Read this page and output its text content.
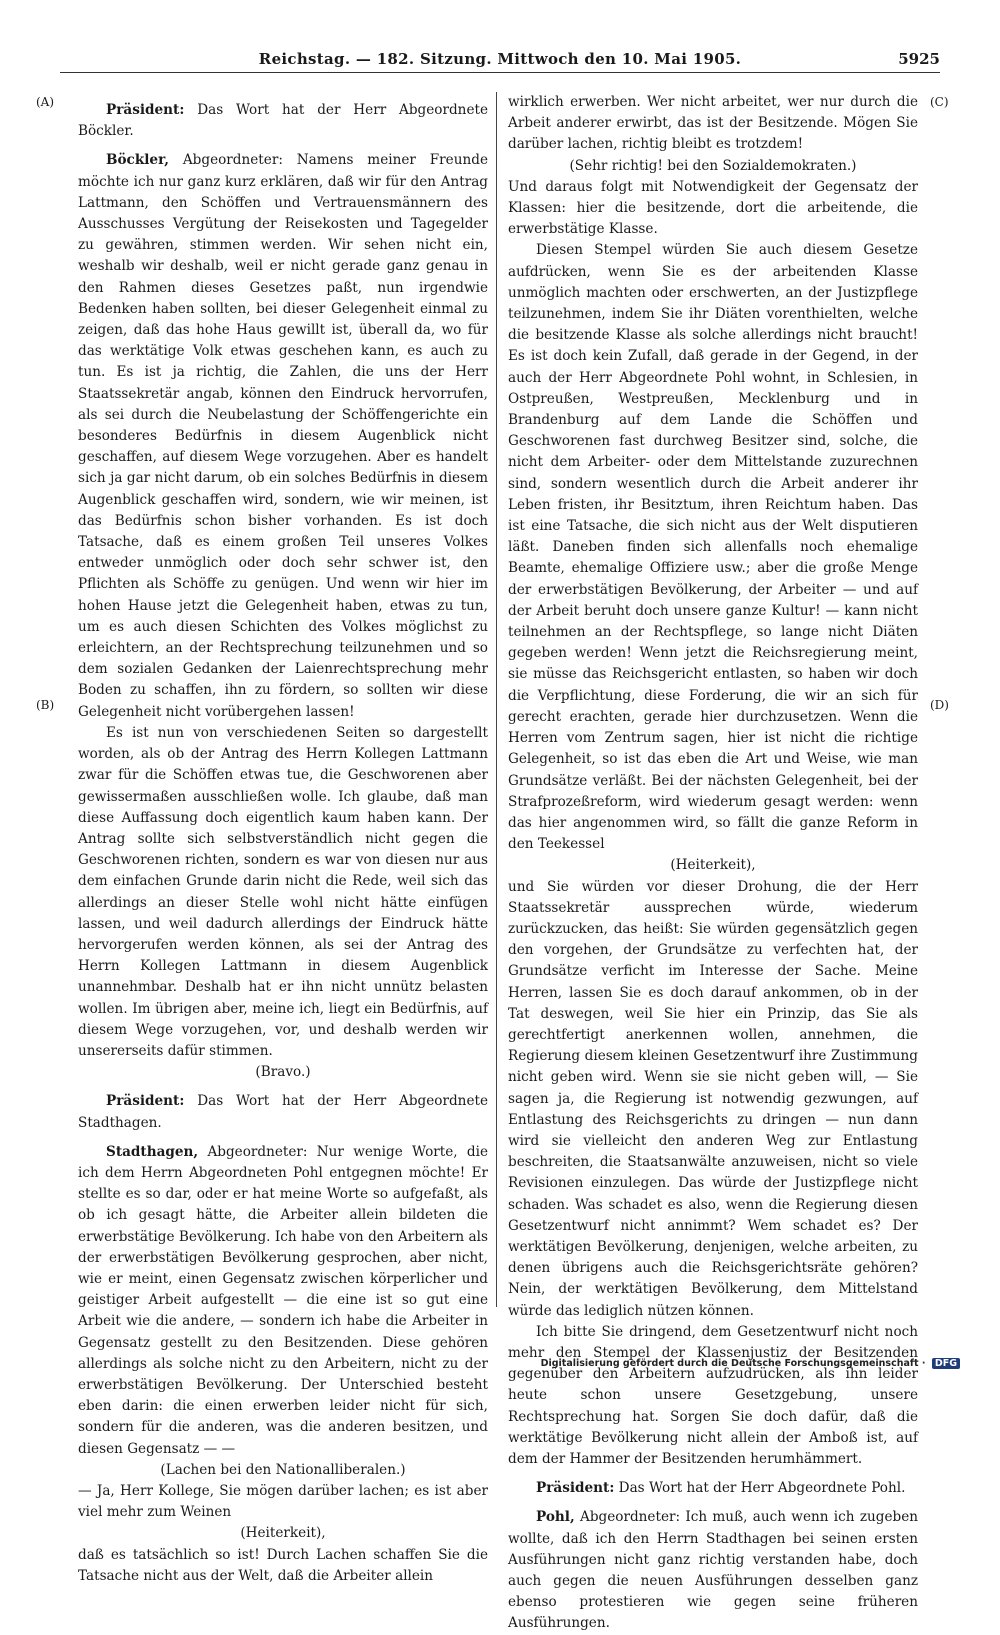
Reichstag. — 182. Sitzung. Mittwoch den 10. Mai 1905.	5925
(A)
(B)
(C)
(D)

Präsident: Das Wort hat der Herr Abgeordnete Böckler.

Böckler, Abgeordneter: Namens meiner Freunde möchte ich nur ganz kurz erklären, daß wir für den Antrag Lattmann, den Schöffen und Vertrauensmännern des Ausschusses Vergütung der Reisekosten und Tagegelder zu gewähren, stimmen werden. Wir sehen nicht ein, weshalb wir deshalb, weil er nicht gerade ganz genau in den Rahmen dieses Gesetzes paßt, nun irgendwie Bedenken haben sollten, bei dieser Gelegenheit einmal zu zeigen, daß das hohe Haus gewillt ist, überall da, wo für das werktätige Volk etwas geschehen kann, es auch zu tun. Es ist ja richtig, die Zahlen, die uns der Herr Staatssekretär angab, können den Eindruck hervorrufen, als sei durch die Neubelastung der Schöffengerichte ein besonderes Bedürfnis in diesem Augenblick nicht geschaffen, auf diesem Wege vorzugehen. Aber es handelt sich ja gar nicht darum, ob ein solches Bedürfnis in diesem Augenblick geschaffen wird, sondern, wie wir meinen, ist das Bedürfnis schon bisher vorhanden. Es ist doch Tatsache, daß es einem großen Teil unseres Volkes entweder unmöglich oder doch sehr schwer ist, den Pflichten als Schöffe zu genügen. Und wenn wir hier im hohen Hause jetzt die Gelegenheit haben, etwas zu tun, um es auch diesen Schichten des Volkes möglichst zu erleichtern, an der Rechtsprechung teilzunehmen und so dem sozialen Gedanken der Laienrechtsprechung mehr Boden zu schaffen, ihn zu fördern, so sollten wir diese Gelegenheit nicht vorübergehen lassen!

Es ist nun von verschiedenen Seiten so dargestellt worden, als ob der Antrag des Herrn Kollegen Lattmann zwar für die Schöffen etwas tue, die Geschworenen aber gewissermaßen ausschließen wolle. Ich glaube, daß man diese Auffassung doch eigentlich kaum haben kann. Der Antrag sollte sich selbstverständlich nicht gegen die Geschworenen richten, sondern es war von diesen nur aus dem einfachen Grunde darin nicht die Rede, weil sich das allerdings an dieser Stelle wohl nicht hätte einfügen lassen, und weil dadurch allerdings der Eindruck hätte hervorgerufen werden können, als sei der Antrag des Herrn Kollegen Lattmann in diesem Augenblick unannehmbar. Deshalb hat er ihn nicht unnütz belasten wollen. Im übrigen aber, meine ich, liegt ein Bedürfnis, auf diesem Wege vorzugehen, vor, und deshalb werden wir unsererseits dafür stimmen.

(Bravo.)

Präsident: Das Wort hat der Herr Abgeordnete Stadthagen.

Stadthagen, Abgeordneter: Nur wenige Worte, die ich dem Herrn Abgeordneten Pohl entgegnen möchte! Er stellte es so dar, oder er hat meine Worte so aufgefaßt, als ob ich gesagt hätte, die Arbeiter allein bildeten die erwerbstätige Bevölkerung. Ich habe von den Arbeitern als der erwerbstätigen Bevölkerung gesprochen, aber nicht, wie er meint, einen Gegensatz zwischen körperlicher und geistiger Arbeit aufgestellt — die eine ist so gut eine Arbeit wie die andere, — sondern ich habe die Arbeiter in Gegensatz gestellt zu den Besitzenden. Diese gehören allerdings als solche nicht zu den Arbeitern, nicht zu der erwerbstätigen Bevölkerung. Der Unterschied besteht eben darin: die einen erwerben leider nicht für sich, sondern für die anderen, was die anderen besitzen, und diesen Gegensatz — —

(Lachen bei den Nationalliberalen.)

— Ja, Herr Kollege, Sie mögen darüber lachen; es ist aber viel mehr zum Weinen

(Heiterkeit),

daß es tatsächlich so ist! Durch Lachen schaffen Sie die Tatsache nicht aus der Welt, daß die Arbeiter allein

wirklich erwerben. Wer nicht arbeitet, wer nur durch die Arbeit anderer erwirbt, das ist der Besitzende. Mögen Sie darüber lachen, richtig bleibt es trotzdem!

(Sehr richtig! bei den Sozialdemokraten.)

Und daraus folgt mit Notwendigkeit der Gegensatz der Klassen: hier die besitzende, dort die arbeitende, die erwerbstätige Klasse.

Diesen Stempel würden Sie auch diesem Gesetze aufdrücken, wenn Sie es der arbeitenden Klasse unmöglich machten oder erschwerten, an der Justizpflege teilzunehmen, indem Sie ihr Diäten vorenthielten, welche die besitzende Klasse als solche allerdings nicht braucht! Es ist doch kein Zufall, daß gerade in der Gegend, in der auch der Herr Abgeordnete Pohl wohnt, in Schlesien, in Ostpreußen, Westpreußen, Mecklenburg und in Brandenburg auf dem Lande die Schöffen und Geschworenen fast durchweg Besitzer sind, solche, die nicht dem Arbeiter- oder dem Mittelstande zuzurechnen sind, sondern wesentlich durch die Arbeit anderer ihr Leben fristen, ihr Besitztum, ihren Reichtum haben. Das ist eine Tatsache, die sich nicht aus der Welt disputieren läßt. Daneben finden sich allenfalls noch ehemalige Beamte, ehemalige Offiziere usw.; aber die große Menge der erwerbstätigen Bevölkerung, der Arbeiter — und auf der Arbeit beruht doch unsere ganze Kultur! — kann nicht teilnehmen an der Rechtspflege, so lange nicht Diäten gegeben werden! Wenn jetzt die Reichsregierung meint, sie müsse das Reichsgericht entlasten, so haben wir doch die Verpflichtung, diese Forderung, die wir an sich für gerecht erachten, gerade hier durchzusetzen. Wenn die Herren vom Zentrum sagen, hier ist nicht die richtige Gelegenheit, so ist das eben die Art und Weise, wie man Grundsätze verläßt. Bei der nächsten Gelegenheit, bei der Strafprozeßreform, wird wiederum gesagt werden: wenn das hier angenommen wird, so fällt die ganze Reform in den Teekessel

(Heiterkeit),

und Sie würden vor dieser Drohung, die der Herr Staatssekretär aussprechen würde, wiederum zurückzucken, das heißt: Sie würden gegensätzlich gegen den vorgehen, der Grundsätze zu verfechten hat, der Grundsätze verficht im Interesse der Sache. Meine Herren, lassen Sie es doch darauf ankommen, ob in der Tat deswegen, weil Sie hier ein Prinzip, das Sie als gerechtfertigt anerkennen wollen, annehmen, die Regierung diesem kleinen Gesetzentwurf ihre Zustimmung nicht geben wird. Wenn sie sie nicht geben will, — Sie sagen ja, die Regierung ist notwendig gezwungen, auf Entlastung des Reichsgerichts zu dringen — nun dann wird sie vielleicht den anderen Weg zur Entlastung beschreiten, die Staatsanwälte anzuweisen, nicht so viele Revisionen einzulegen. Das würde der Justizpflege nicht schaden. Was schadet es also, wenn die Regierung diesen Gesetzentwurf nicht annimmt? Wem schadet es? Der werktätigen Bevölkerung, denjenigen, welche arbeiten, zu denen übrigens auch die Reichsgerichtsräte gehören? Nein, der werktätigen Bevölkerung, dem Mittelstand würde das lediglich nützen können.

Ich bitte Sie dringend, dem Gesetzentwurf nicht noch mehr den Stempel der Klassenjustiz der Besitzenden gegenüber den Arbeitern aufzudrücken, als ihn leider heute schon unsere Gesetzgebung, unsere Rechtsprechung hat. Sorgen Sie doch dafür, daß die werktätige Bevölkerung nicht allein der Amboß ist, auf dem der Hammer der Besitzenden herumhämmert.

Präsident: Das Wort hat der Herr Abgeordnete Pohl.

Pohl, Abgeordneter: Ich muß, auch wenn ich zugeben wollte, daß ich den Herrn Stadthagen bei seinen ersten Ausführungen nicht ganz richtig verstanden habe, doch auch gegen die neuen Ausführungen desselben ganz ebenso protestieren wie gegen seine früheren Ausführungen.

Digitalisierung gefördert durch die Deutsche Forschungsgemeinschaft · DFG
